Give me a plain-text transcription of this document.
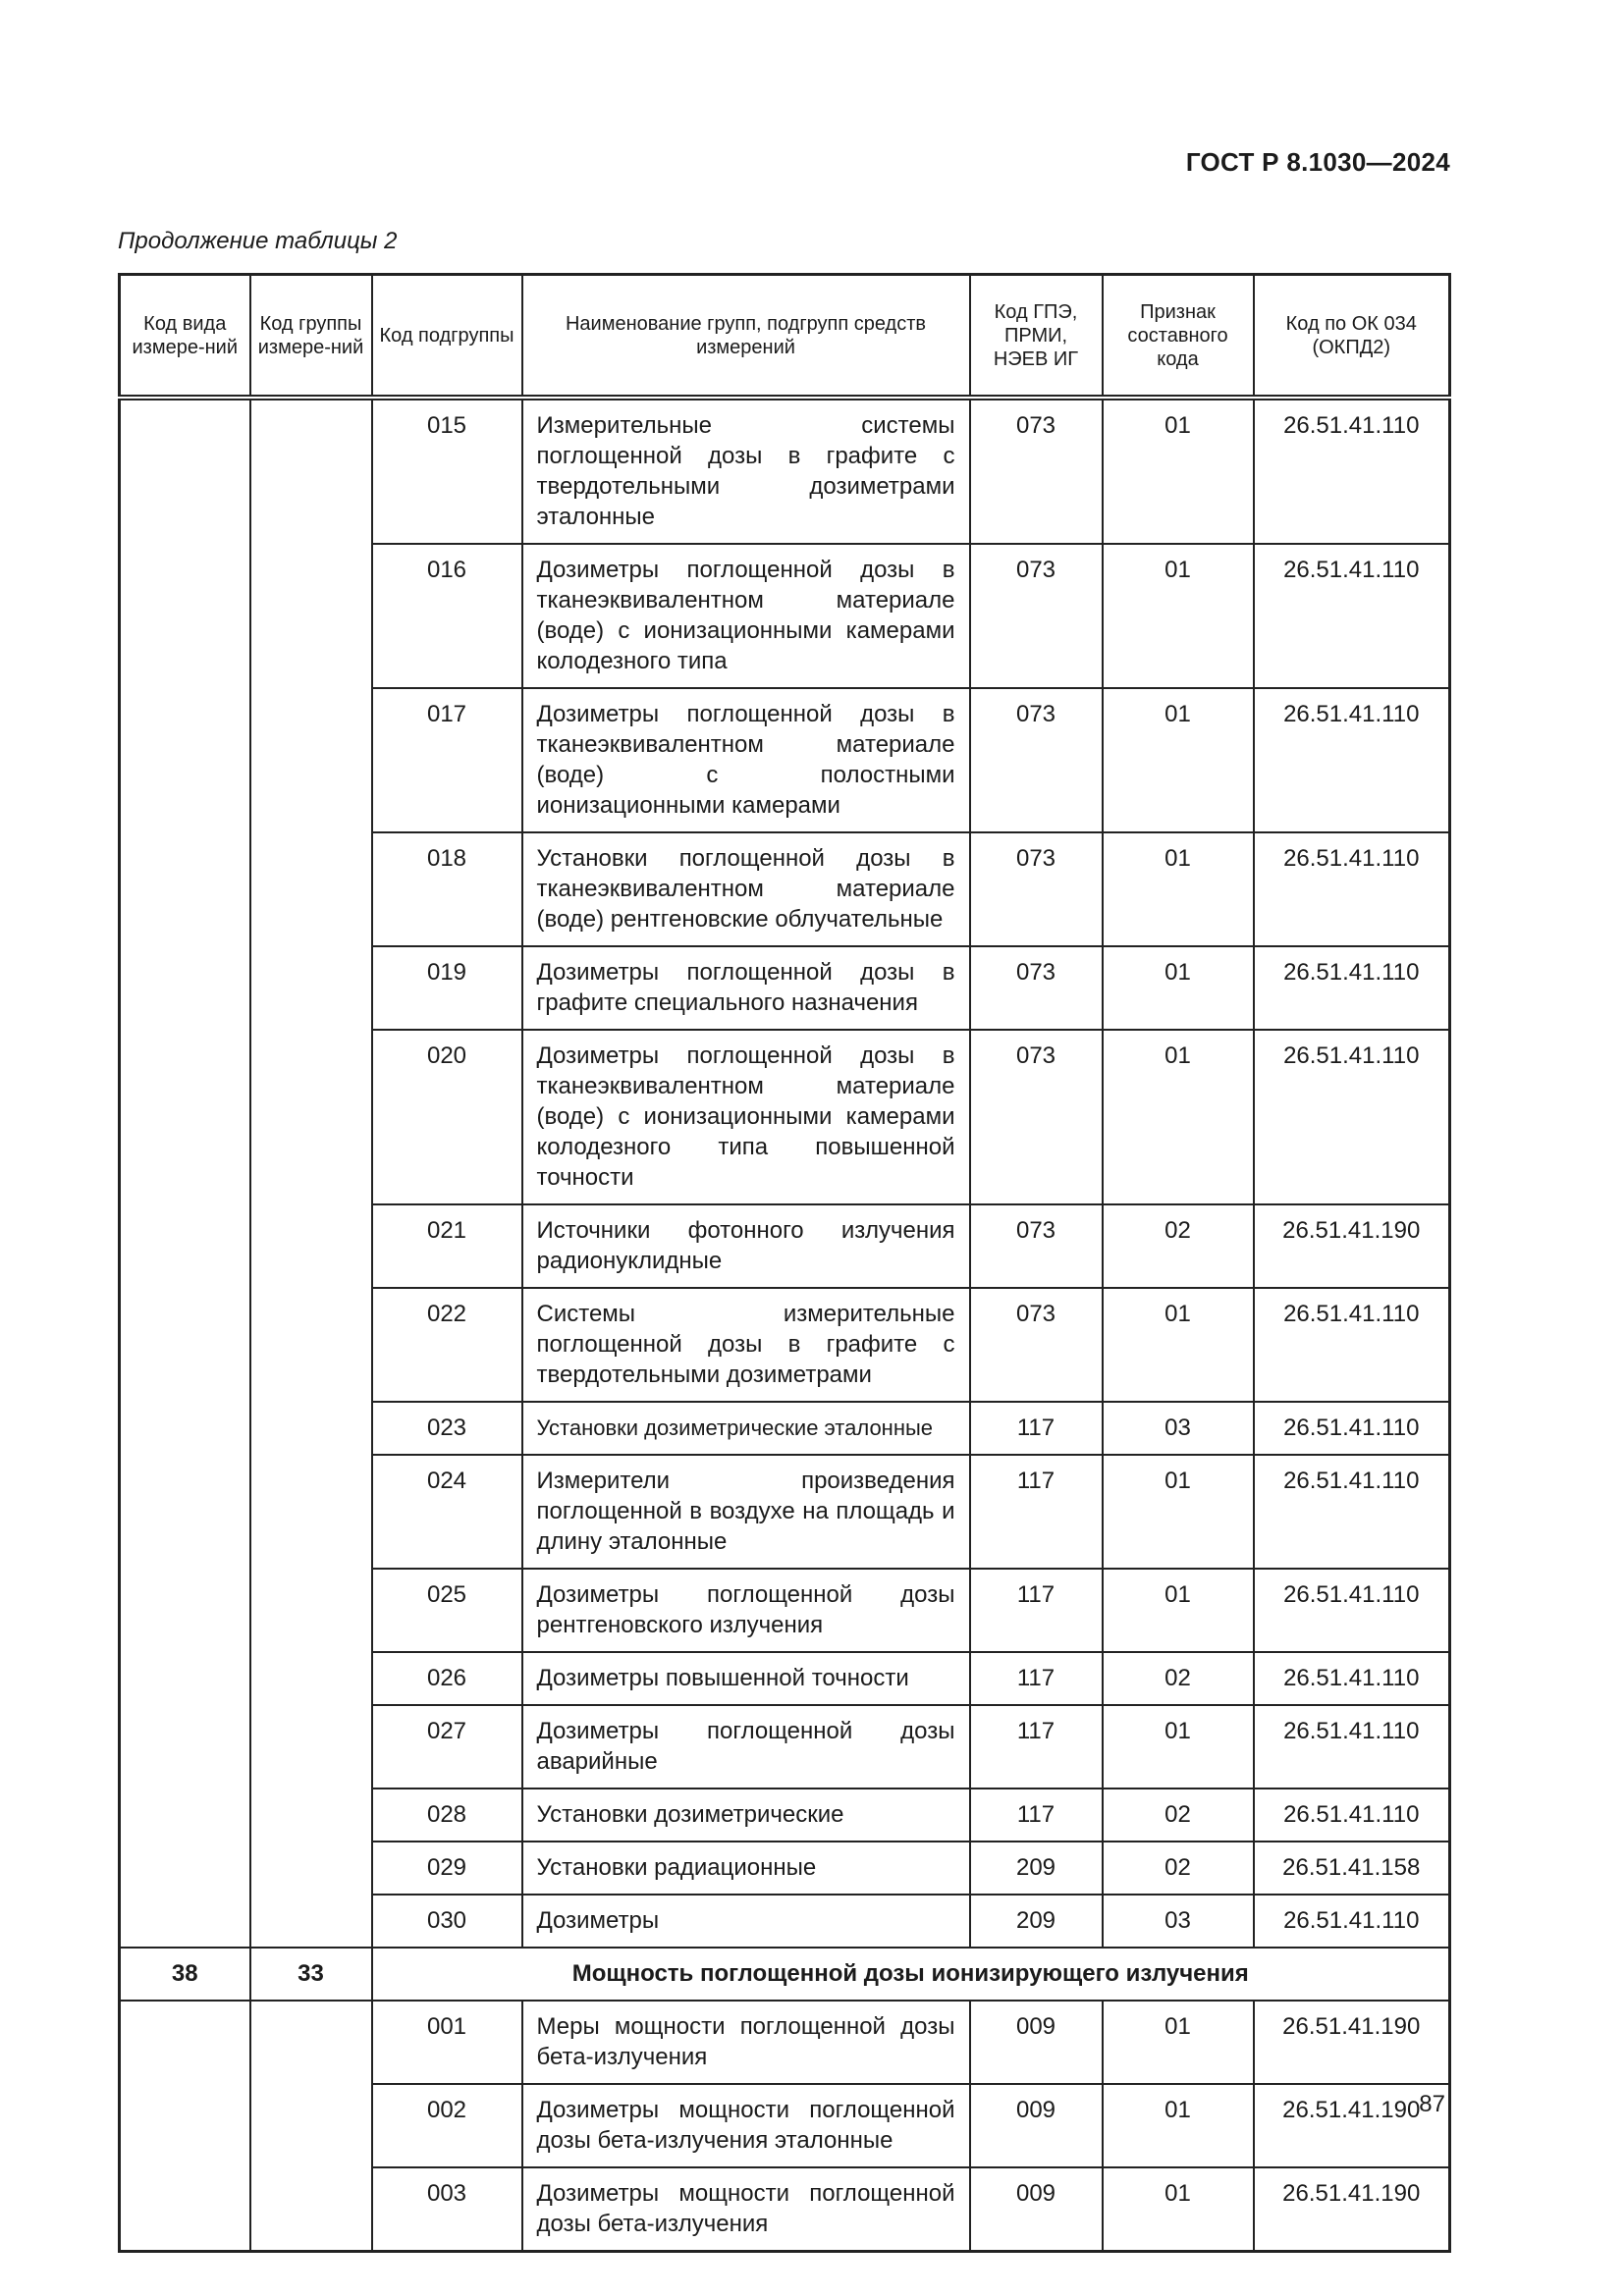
ГОСТ Р 8.1030—2024
Продолжение таблицы 2
Код вида измере-ний	Код группы измере-ний	Код подгруппы	Наименование групп, подгрупп средств измерений	Код ГПЭ, ПРМИ, НЭЕВ ИГ	Признак составного кода	Код по ОК 034 (ОКПД2)
		015	Измерительные системы поглощенной дозы в графите с твердотельными дозиметрами эталонные	073	01	26.51.41.110
		016	Дозиметры поглощенной дозы в тканеэквивалентном материале (воде) с ионизационными камерами колодезного типа	073	01	26.51.41.110
		017	Дозиметры поглощенной дозы в тканеэквивалентном материале (воде) с полостными ионизационными камерами	073	01	26.51.41.110
		018	Установки поглощенной дозы в тканеэквивалентном материале (воде) рентгеновские облучательные	073	01	26.51.41.110
		019	Дозиметры поглощенной дозы в графите специального назначения	073	01	26.51.41.110
		020	Дозиметры поглощенной дозы в тканеэквивалентном материале (воде) с ионизационными камерами колодезного типа повышенной точности	073	01	26.51.41.110
		021	Источники фотонного излучения радионуклидные	073	02	26.51.41.190
		022	Системы измерительные поглощенной дозы в графите с твердотельными дозиметрами	073	01	26.51.41.110
		023	Установки дозиметрические эталонные	117	03	26.51.41.110
		024	Измерители произведения поглощенной в воздухе на площадь и длину эталонные	117	01	26.51.41.110
		025	Дозиметры поглощенной дозы рентгеновского излучения	117	01	26.51.41.110
		026	Дозиметры повышенной точности	117	02	26.51.41.110
		027	Дозиметры поглощенной дозы аварийные	117	01	26.51.41.110
		028	Установки дозиметрические	117	02	26.51.41.110
		029	Установки радиационные	209	02	26.51.41.158
		030	Дозиметры	209	03	26.51.41.110
38	33	Мощность поглощенной дозы ионизирующего излучения				
		001	Меры мощности поглощенной дозы бета-излучения	009	01	26.51.41.190
		002	Дозиметры мощности поглощенной дозы бета-излучения эталонные	009	01	26.51.41.190
		003	Дозиметры мощности поглощенной дозы бета-излучения	009	01	26.51.41.190
87
